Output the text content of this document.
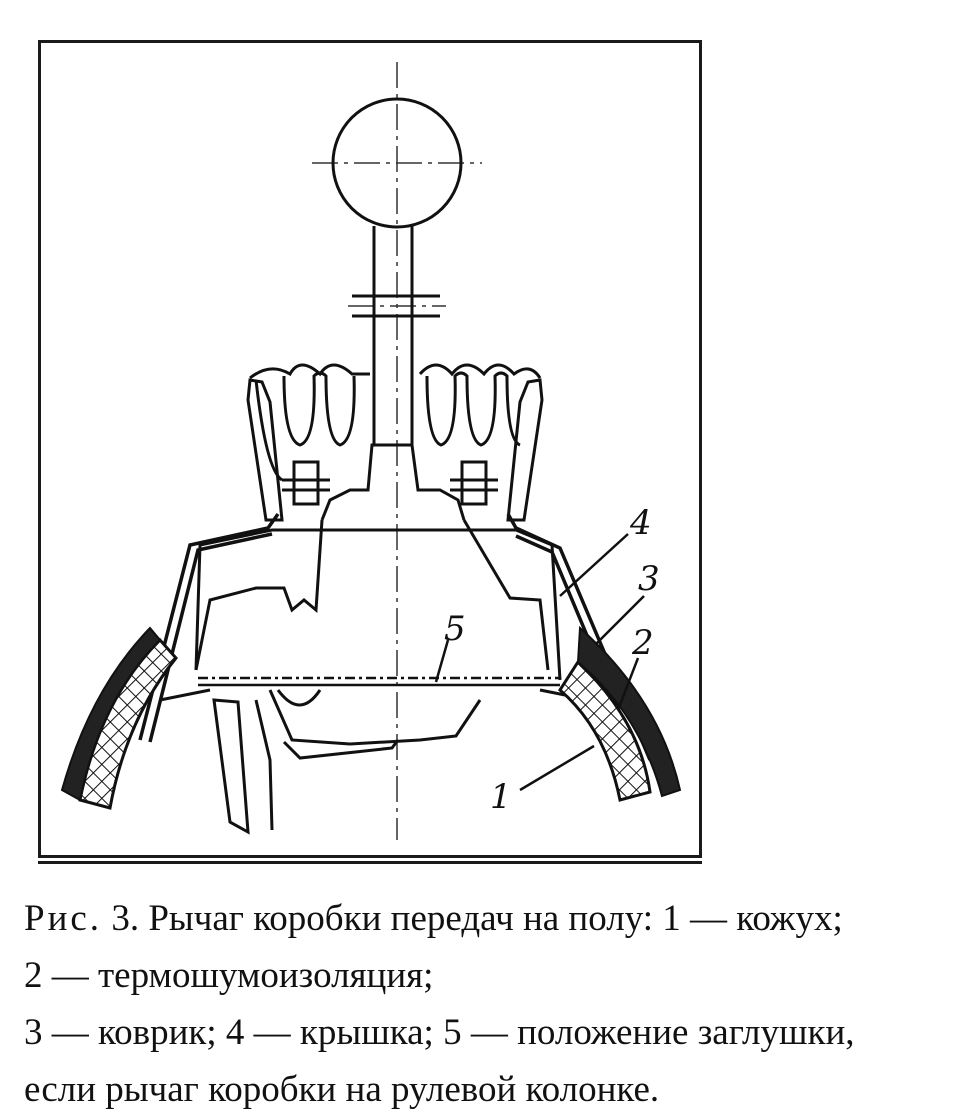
4
3
2
1
5
Рис. 3. Рычаг коробки передач на полу: 1 — кожух;
2 — термошумоизоляция;
3 — коврик; 4 — крышка; 5 — положение заглушки,
если рычаг коробки на рулевой колонке.
